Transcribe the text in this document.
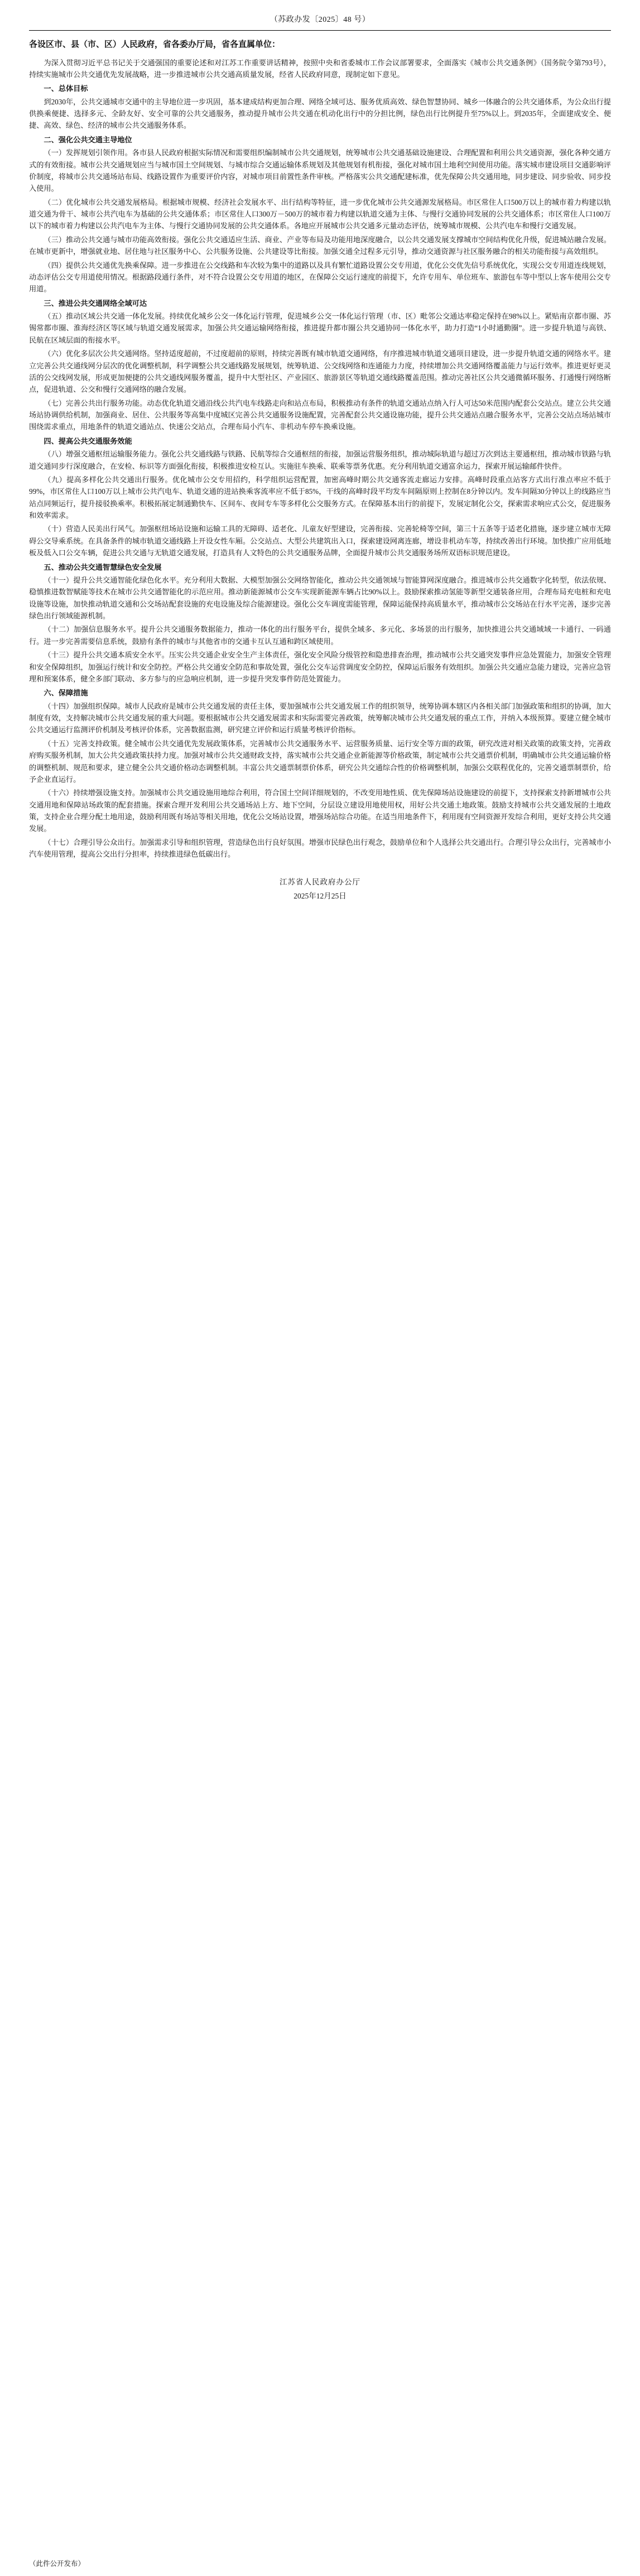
（苏政办发〔2025〕48 号）
各设区市、县（市、区）人民政府，省各委办厅局，省各直属单位：

为深入贯彻习近平总书记关于交通强国的重要论述和对江苏工作重要讲话精神，按照中央和省委城市工作会议部署要求，全面落实《城市公共交通条例》（国务院令第793号），持续实施城市公共交通优先发展战略，进一步推进城市公共交通高质量发展，经省人民政府同意，现制定如下意见。

一、总体目标

到2030年，公共交通城市交通中的主导地位进一步巩固，基本建成结构更加合理、网络全域可达、服务优质高效、绿色智慧协同、城乡一体融合的公共交通体系，为公众出行提供换乘便捷、选择多元、全龄友好、安全可靠的公共交通服务，推动提升城市公共交通在机动化出行中的分担比例，绿色出行比例提升至75%以上。到2035年，全面建成安全、便捷、高效、绿色、经济的城市公共交通服务体系。

二、强化公共交通主导地位

（一）发挥规划引领作用。各市县人民政府根据实际情况和需要组织编制城市公共交通规划，统筹城市公共交通基础设施建设、合理配置和利用公共交通资源，强化各种交通方式的有效衔接。城市公共交通规划应当与城市国土空间规划、与城市综合交通运输体系规划及其他规划有机衔接，强化对城市国土地利空间使用功能。落实城市建设项目交通影响评价制度，将城市公共交通场站布局、线路设置作为重要评价内容，对城市项目前置性条件审核。严格落实公共交通配建标准，优先保障公共交通用地，同步建设、同步验收、同步投入使用。

（二）优化城市公共交通发展格局。根据城市规模、经济社会发展水平、出行结构等特征，进一步优化城市公共交通源发展格局。市区常住人口500万以上的城市着力构建以轨道交通为骨干、城市公共汽电车为基础的公共交通体系；市区常住人口300万－500万的城市着力构建以轨道交通为主体、与慢行交通协同发展的公共交通体系；市区常住人口100万以下的城市着力构建以公共汽电车为主体、与慢行交通协同发展的公共交通体系。各地应开展城市公共交通多元量动态评估，统筹城市规模、公共汽电车和慢行交通发展。

（三）推动公共交通与城市功能高效衔接。强化公共交通适应生活、商业、产业等布局及功能用地深度融合，以公共交通发展支撑城市空间结构优化升级，促进城站融合发展。在城市更新中，增强就业地、居住地与社区服务中心、公共服务设施、公共建设等比衔接。加强交通全过程多元引导，推动交通资源与社区服务融合的相关功能衔接与高效组织。

（四）提供公共交通优先换乘保障。进一步推进在公交线路和车次较为集中的道路以及具有繁忙道路设置公交专用道，优化公交优先信号系统优化，实现公交专用道连线规划，动态评估公交专用道使用情况。根据路段通行条件，对不符合设置公交专用道的地区，在保障公交运行速度的前提下，允许专用车、单位班车、旅游包车等中型以上客车使用公交专用道。

三、推进公共交通网络全域可达

（五）推动区域公共交通一体化发展。持续优化城乡公交一体化运行管理，促进城乡公交一体化运行管理（市、区）毗邻公交通达率稳定保持在98%以上。紧贴南京都市圈、苏锡常都市圈、淮海经济区等区域与轨道交通发展需求，加强公共交通运输网络衔接，推进提升都市圈公共交通协同一体化水平，助力打造“1小时通勤圈”。进一步提升轨道与高铁、民航在区域层面的衔接水平。

（六）优化多层次公共交通网络。坚持适度超前，不过度超前的原则，持续完善既有城市轨道交通网络，有序推进城市轨道交通项目建设，进一步提升轨道交通的网络水平。建立完善公共交通线网分层次的优化调整机制，科学调整公共交通线路发展规划，统筹轨道、公交线网络和连通能力力度，持续增加公共交通网络覆盖能力与运行效率。推进更好更灵活的公交线网发展，形成更加便捷的公共交通线网服务覆盖，提升中大型社区、产业园区、旅游景区等轨道交通线路覆盖范围。推动完善社区公共交通微循环服务、打通慢行网络断点，促进轨道、公交和慢行交通网络的融合发展。

（七）完善公共出行服务功能。动态优化轨道交通沿线公共汽电车线路走向和站点布局，积极推动有条件的轨道交通站点纳入行人可达50米范围内配套公交站点。建立公共交通场站协调供给机制，加强商业、居住、公共服务等高集中度城区完善公共交通服务设施配置，完善配套公共交通设施功能，提升公共交通站点融合服务水平，完善公交站点场站城市围绕需求重点，用地条件的轨道交通站点、快速公交站点，合理布局小汽车、非机动车停车换乘设施。

四、提高公共交通服务效能

（八）增强交通枢纽运输服务能力。强化公共交通线路与铁路、民航等综合交通枢纽的衔接，加强运营服务组织，推动城际轨道与超过万次到达主要通枢纽，推动城市铁路与轨道交通同步行深度融合，在安检、标识等方面强化衔接，积极推进安检互认。实施驻车换乘、联乘等票务优惠。充分利用轨道交通富余运力，探索开展运输邮件快件。

（九）提高多样化公共交通出行服务。优化城市公交专用招约，科学组织运营配置，加密高峰时期公共交通客流走廊运力安排。高峰时段重点站客方式出行准点率应不低于99%，市区常住人口100万以上城市公共汽电车、轨道交通的进站换乘客流率应不低于85%，干线的高峰时段平均发车间隔原则上控制在8分钟以内。发车间隔30分钟以上的线路应当站点同频运行，提升接驳换乘率。积极拓展定制通勤快车、区间车、夜间专车等多样化公交服务方式。在保障基本出行的前提下，发展定制化公交，探索需求响应式公交，促进服务和效率需求。

（十）营造人民美出行风气。加强枢纽场站设施和运输工具的无障碍、适老化、儿童友好型建设，完善衔接、完善轮椅等空间，第三十五条等于适老化措施，逐步建立城市无障碍公交导乘系统。在具备条件的城市轨道交通线路上开设女性车厢。公交站点、大型公共建筑出入口，探索建设网离连廊，增设非机动车等，持续改善出行环境。加快推广应用低地板及低入口公交车辆，促进公共交通与无轨道交通发展，打造具有人文特色的公共交通服务品牌，全面提升城市公共交通服务场所双语标识规范建设。

五、推动公共交通智慧绿色安全发展

（十一）提升公共交通智能化绿色化水平。充分利用大数据、大模型加强公交网络智能化，推动公共交通领域与智能算网深度融合。推进城市公共交通数字化转型，依法依规、稳慎推进数智赋能等技术在城市公共交通智能化的示范应用。推动新能源城市公交车实现新能源车辆占比90%以上。鼓励探索推动氢能等新型交通装备应用，合理布局充电桩和充电设施等设施，加快推动轨道交通和公交场站配套设施的充电设施及综合能源建设。强化公交车调度需能管理，保障运能保持高质量水平，推动城市公交场站在行水平完善，逐步完善绿色出行领域能源机制。

（十二）加强信息服务水平。提升公共交通服务数据能力，推动一体化的出行服务平台，提供全域多、多元化、多场景的出行服务，加快推进公共交通域域一卡通行、一码通行。进一步完善需要信息系统，鼓励有条件的城市与其他省市的交通卡互认互通和跨区域使用。

（十三）提升公共交通本质安全水平。压实公共交通企业安全生产主体责任，强化安全风险分级管控和隐患排查治理，推动城市公共交通突发事件应急处置能力，加强安全管理和安全保障组织，加强运行统计和安全防控。严格公共交通安全防范和事故处置，强化公交车运营调度安全防控，保障运后服务有效组织。加强公共交通应急能力建设，完善应急管理和预案体系，健全多部门联动、多方参与的应急响应机制，进一步提升突发事件防范处置能力。

六、保障措施

（十四）加强组织保障。城市人民政府是城市公共交通发展的责任主体，要加强城市公共交通发展工作的组织领导，统筹协调本辖区内各相关部门加强政策和组织的协调，加大制度有效，支持解决城市公共交通发展的重大问题。要根据城市公共交通发展需求和实际需要完善政策，统筹解决城市公共交通发展的重点工作，并纳入本级预算。要建立健全城市公共交通运行监测评价机制及考核评价体系，完善数据监测，研究建立评价和运行质量考核评价指标。

（十五）完善支持政策。健全城市公共交通优先发展政策体系，完善城市公共交通服务水平、运营服务质量、运行安全等方面的政策，研究改进对相关政策的政策支持，完善政府购买服务机制，加大公共交通政策扶持力度。加强对城市公共交通财政支持，落实城市公共交通企业新能源等价格政策，制定城市公共交通票价机制，明确城市公共交通运输价格的调整机制、规范和要求，建立健全公共交通价格动态调整机制。丰富公共交通票制票价体系，研究公共交通综合性的价格调整机制，加强公交联程优化的，完善交通票制票价，给予企业直运行。

（十六）持续增强设施支持。加强城市公共交通设施用地综合利用，符合国土空间详细规划的，不改变用地性质、优先保障场站设施建设的前提下，支持探索支持新增城市公共交通用地和保障站场政策的配套措施。探索合理开发利用公共交通场站上方、地下空间，分层设立建设用地使用权，用好公共交通土地政策。鼓励支持城市公共交通发展的土地政策，支持企业合理分配土地用途，鼓励利用既有场站等相关用地，优化公交场站设置，增强场站综合功能。在适当用地条件下，利用现有空间资源开发综合利用，更好支持公共交通发展。

（十七）合理引导公众出行。加强需求引导和组织管理，营造绿色出行良好氛围。增强市民绿色出行观念，鼓励单位和个人选择公共交通出行。合理引导公众出行，完善城市小汽车使用管理，提高公交出行分担率，持续推进绿色低碳出行。

江苏省人民政府办公厅
2025年12月25日
（此件公开发布）
